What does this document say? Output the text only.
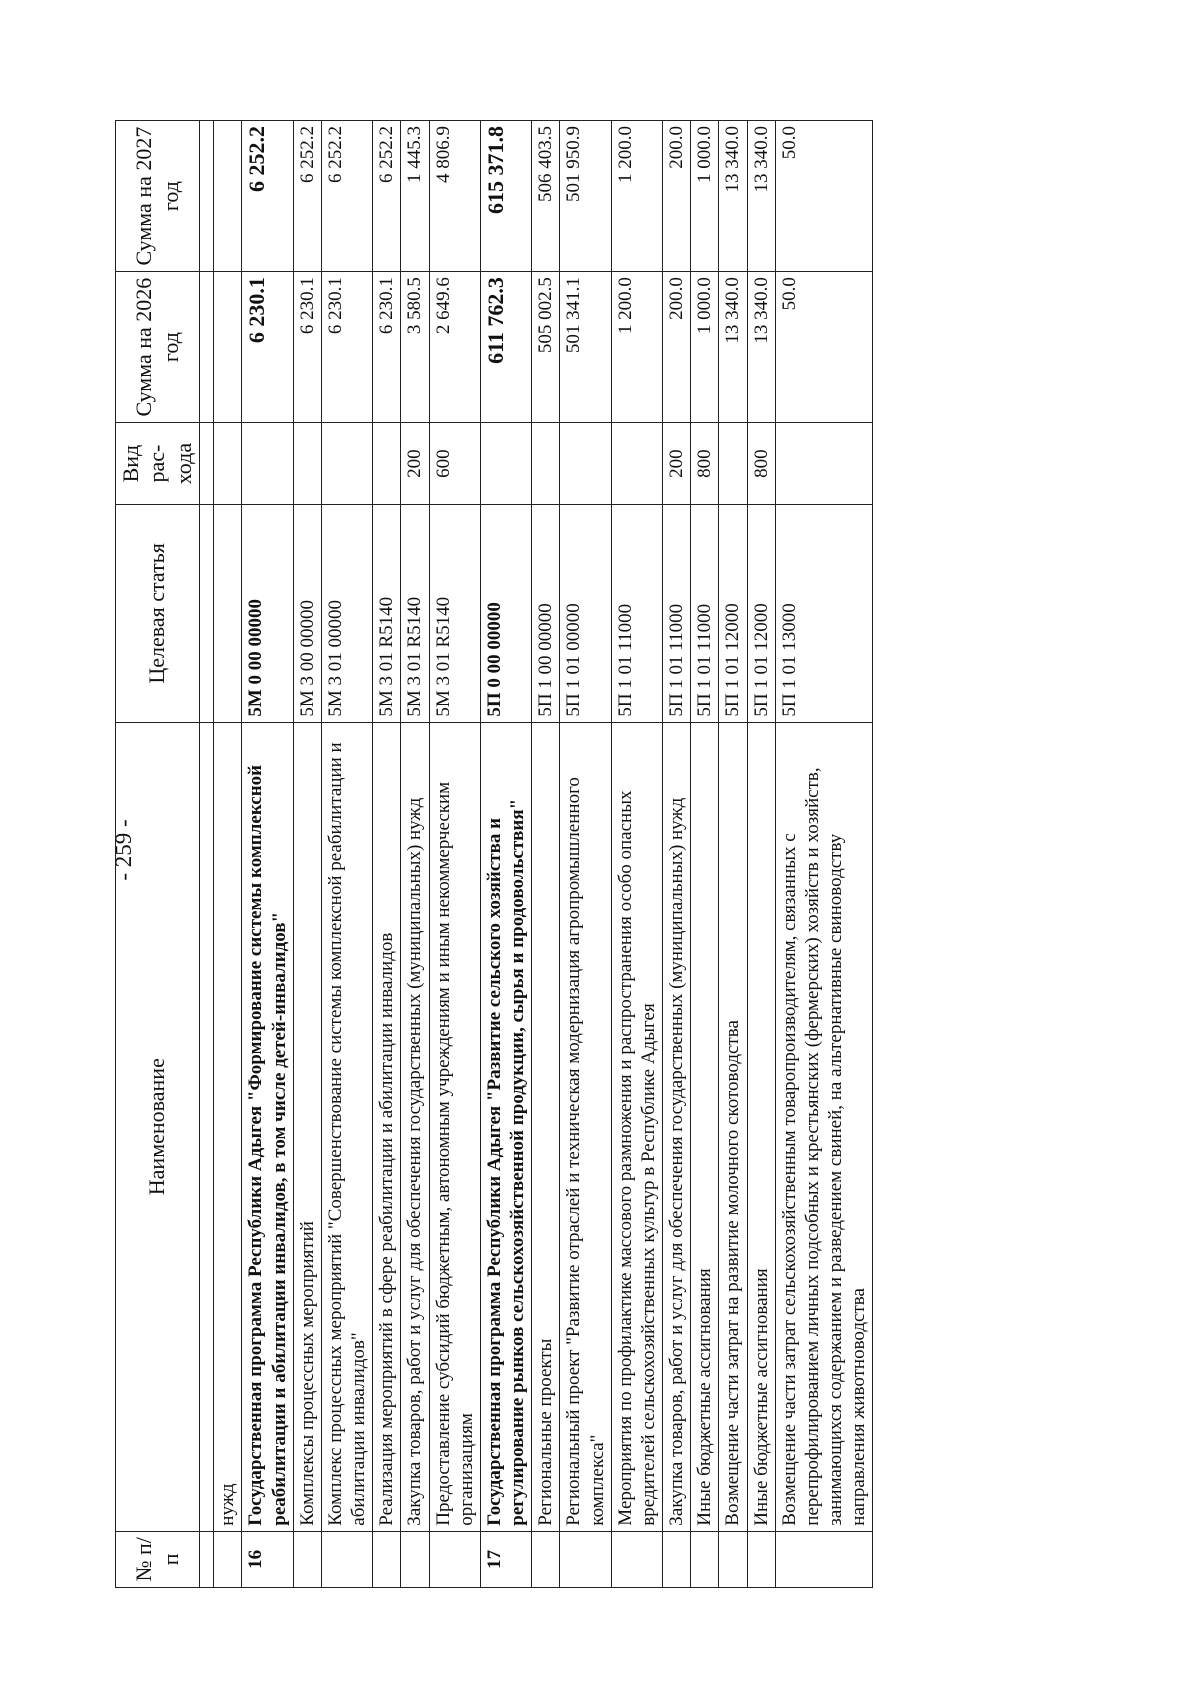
- 259 -
№ п/п	Наименование	Целевая статья	Вид рас-хода	Сумма на 2026 год	Сумма на 2027 год

	нужд				
16	Государственная программа Республики Адыгея "Формирование системы комплексной реабилитации и абилитации инвалидов, в том числе детей-инвалидов"	5М 0 00 00000		6 230.1	6 252.2
	Комплексы процессных мероприятий	5М 3 00 00000		6 230.1	6 252.2
	Комплекс процессных мероприятий "Совершенствование системы комплексной реабилитации и абилитации инвалидов"	5М 3 01 00000		6 230.1	6 252.2
	Реализация мероприятий в сфере реабилитации и абилитации инвалидов	5М 3 01 R5140		6 230.1	6 252.2
	Закупка товаров, работ и услуг для обеспечения государственных (муниципальных) нужд	5М 3 01 R5140	200	3 580.5	1 445.3
	Предоставление субсидий бюджетным, автономным учреждениям и иным некоммерческим организациям	5М 3 01 R5140	600	2 649.6	4 806.9
17	Государственная программа Республики Адыгея "Развитие сельского хозяйства и регулирование рынков сельскохозяйственной продукции, сырья и продовольствия"	5П 0 00 00000		611 762.3	615 371.8
	Региональные проекты	5П 1 00 00000		505 002.5	506 403.5
	Региональный проект "Развитие отраслей и техническая модернизация агропромышленного комплекса"	5П 1 01 00000		501 341.1	501 950.9
	Мероприятия по профилактике массового размножения и распространения особо опасных вредителей сельскохозяйственных культур в Республике Адыгея	5П 1 01 11000		1 200.0	1 200.0
	Закупка товаров, работ и услуг для обеспечения государственных (муниципальных) нужд	5П 1 01 11000	200	200.0	200.0
	Иные бюджетные ассигнования	5П 1 01 11000	800	1 000.0	1 000.0
	Возмещение части затрат на развитие молочного скотоводства	5П 1 01 12000		13 340.0	13 340.0
	Иные бюджетные ассигнования	5П 1 01 12000	800	13 340.0	13 340.0
	Возмещение части затрат сельскохозяйственным товаропроизводителям, связанных с перепрофилированием личных подсобных и крестьянских (фермерских) хозяйств и хозяйств, занимающихся содержанием и разведением свиней, на альтернативные свиноводству направления животноводства	5П 1 01 13000		50.0	50.0
